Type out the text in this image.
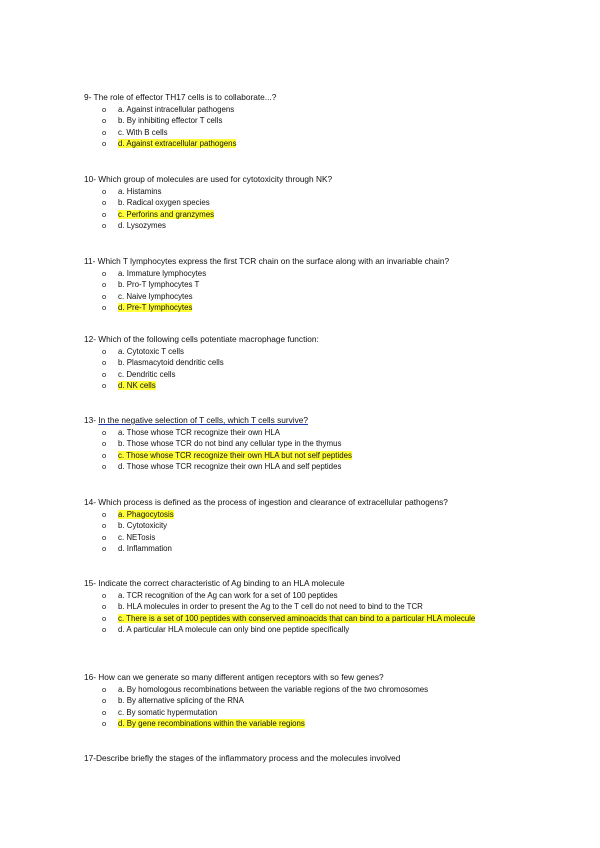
9- The role of effector TH17 cells is to collaborate...?

o a. Against intracellular pathogens
o b. By inhibiting effector T cells
o c. With B cells
o d. Against extracellular pathogens

10- Which group of molecules are used for cytotoxicity through NK?

o a. Histamins
o b. Radical oxygen species
o c. Perforins and granzymes
o d. Lysozymes

11- Which T lymphocytes express the first TCR chain on the surface along with an invariable chain?

o a. Immature lymphocytes
o b. Pro-T lymphocytes T
o c. Naive lymphocytes
o d. Pre-T lymphocytes

12- Which of the following cells potentiate macrophage function:

o a. Cytotoxic T cells
o b. Plasmacytoid dendritic cells
o c. Dendritic cells
o d. NK cells

13- In the negative selection of T cells, which T cells survive?

o a. Those whose TCR recognize their own HLA
o b. Those whose TCR do not bind any cellular type in the thymus
o c. Those whose TCR recognize their own HLA but not self peptides
o d. Those whose TCR recognize their own HLA and self peptides

14- Which process is defined as the process of ingestion and clearance of extracellular pathogens?

o a. Phagocytosis
o b. Cytotoxicity
o c. NETosis
o d. Inflammation

15- Indicate the correct characteristic of Ag binding to an HLA molecule

o a. TCR recognition of the Ag can work for a set of 100 peptides
o b. HLA molecules in order to present the Ag to the T cell do not need to bind to the TCR
o c. There is a set of 100 peptides with conserved aminoacids that can bind to a particular HLA molecule
o d. A particular HLA molecule can only bind one peptide specifically

16- How can we generate so many different antigen receptors with so few genes?

o a. By homologous recombinations between the variable regions of the two chromosomes
o b. By alternative splicing of the RNA
o c. By somatic hypermutation
o d. By gene recombinations within the variable regions

17-Describe briefly the stages of the inflammatory process and the molecules involved
